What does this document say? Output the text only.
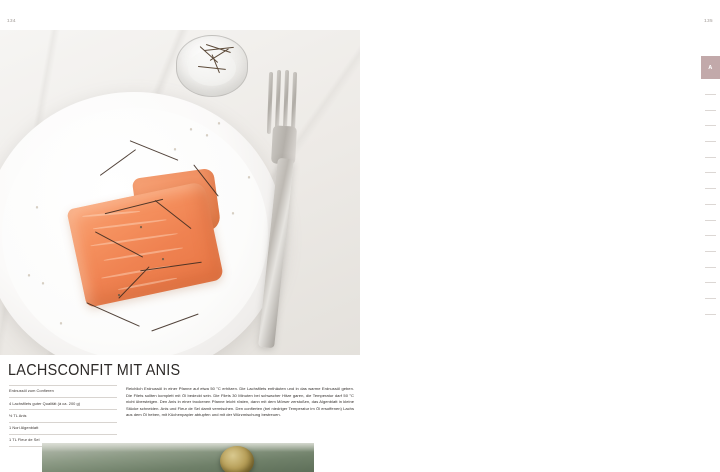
134
LACHSCONFIT MIT ANIS
Erdnussöl zum Confieren
4 Lachsfilets guter Qualität (à ca. 200 g)
½ TL Anis
1 Nori Algenblatt
1 TL Fleur de Sel
Reichlich Erdnussöl in einer Pfanne auf etwa 50 °C erhitzen. Die Lachsfilets enthäuten und in das warme Erdnussöl geben. Die Filets sollten komplett mit Öl bedeckt sein. Die Filets 30 Minuten bei schwacher Hitze garen, die Temperatur darf 50 °C nicht übersteigen. Den Anis in einer trockenen Pfanne leicht rösten, dann mit dem Mörser zerstoßen, das Algenblatt in kleine Stücke schneiden. Anis und Fleur de Sel damit vermischen. Den confierten (bei niedriger Temperatur im Öl ersoffenen) Lachs aus dem Öl heben, mit Küchenpapier abtupfen und mit der Würzmischung bestreuen.
135
A
